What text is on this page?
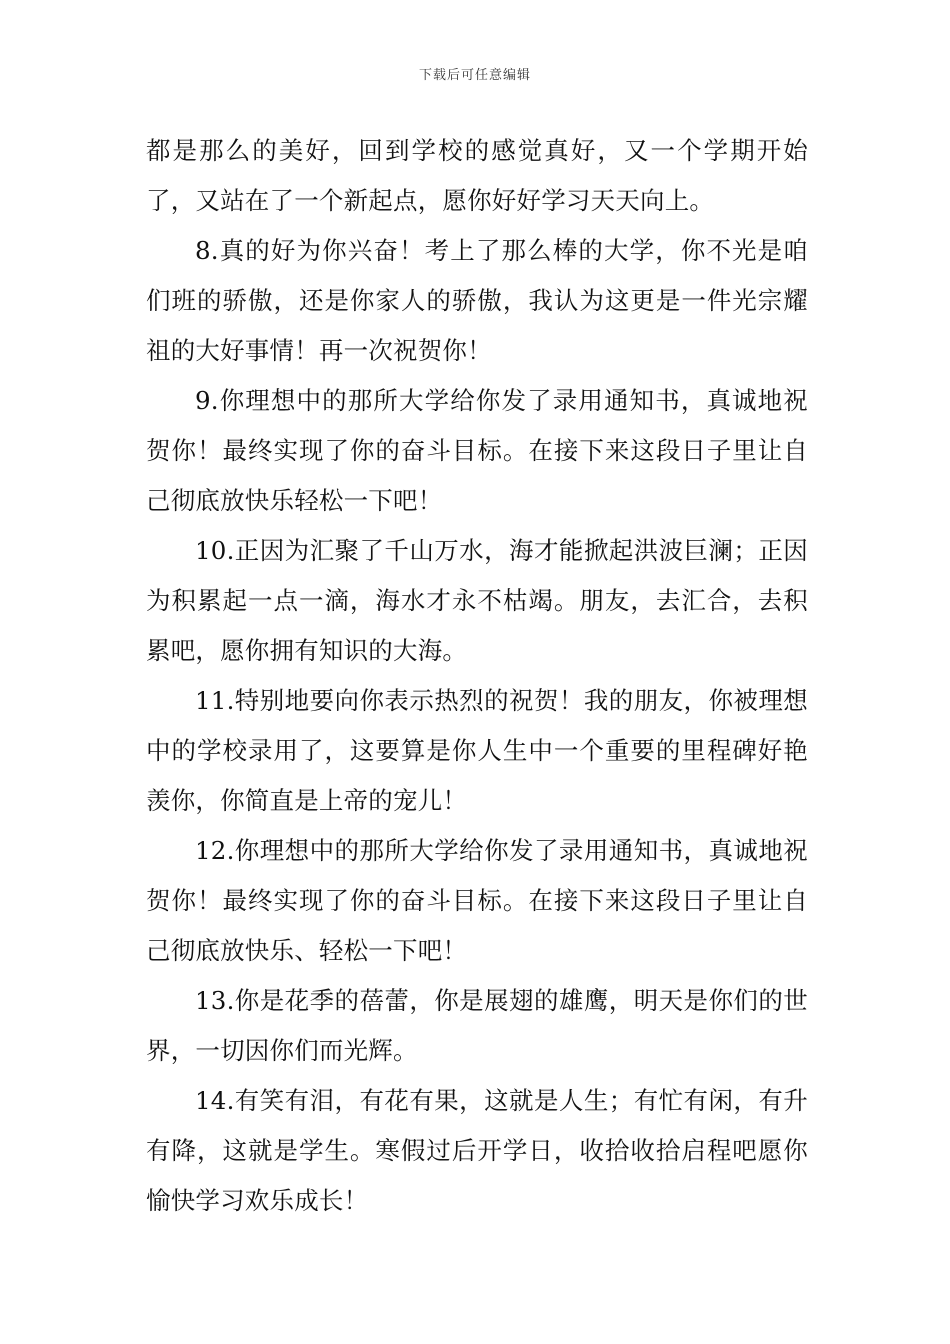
下载后可任意编辑

都是那么的美好，回到学校的感觉真好，又一个学期开始了，又站在了一个新起点，愿你好好学习天天向上。

8.真的好为你兴奋！考上了那么棒的大学，你不光是咱们班的骄傲，还是你家人的骄傲，我认为这更是一件光宗耀祖的大好事情！再一次祝贺你！

9.你理想中的那所大学给你发了录用通知书，真诚地祝贺你！最终实现了你的奋斗目标。在接下来这段日子里让自己彻底放快乐轻松一下吧！

10.正因为汇聚了千山万水，海才能掀起洪波巨澜；正因为积累起一点一滴，海水才永不枯竭。朋友，去汇合，去积累吧，愿你拥有知识的大海。

11.特别地要向你表示热烈的祝贺！我的朋友，你被理想中的学校录用了，这要算是你人生中一个重要的里程碑好艳羡你，你简直是上帝的宠儿！

12.你理想中的那所大学给你发了录用通知书，真诚地祝贺你！最终实现了你的奋斗目标。在接下来这段日子里让自己彻底放快乐、轻松一下吧！

13.你是花季的蓓蕾，你是展翅的雄鹰，明天是你们的世界，一切因你们而光辉。

14.有笑有泪，有花有果，这就是人生；有忙有闲，有升有降，这就是学生。寒假过后开学日，收拾收拾启程吧愿你愉快学习欢乐成长！
